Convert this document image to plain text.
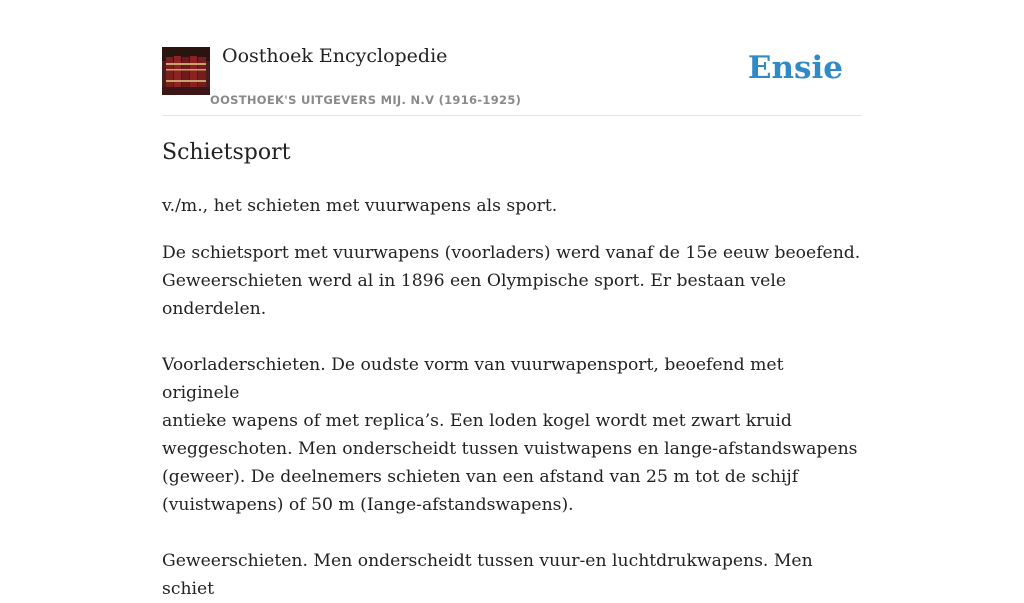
Oosthoek Encyclopedie
OOSTHOEK'S UITGEVERS MIJ. N.V (1916-1925)
Ensie
Schietsport

v./m., het schieten met vuurwapens als sport.

De schietsport met vuurwapens (voorladers) werd vanaf de 15e eeuw beoefend.
Geweerschieten werd al in 1896 een Olympische sport. Er bestaan vele onderdelen.

Voorladerschieten. De oudste vorm van vuurwapensport, beoefend met originele
antieke wapens of met replica’s. Een loden kogel wordt met zwart kruid
weggeschoten. Men onderscheidt tussen vuistwapens en lange-afstandswapens
(geweer). De deelnemers schieten van een afstand van 25 m tot de schijf
(vuistwapens) of 50 m (Iange-afstandswapens).

Geweerschieten. Men onderscheidt tussen vuur-en luchtdrukwapens. Men schiet
